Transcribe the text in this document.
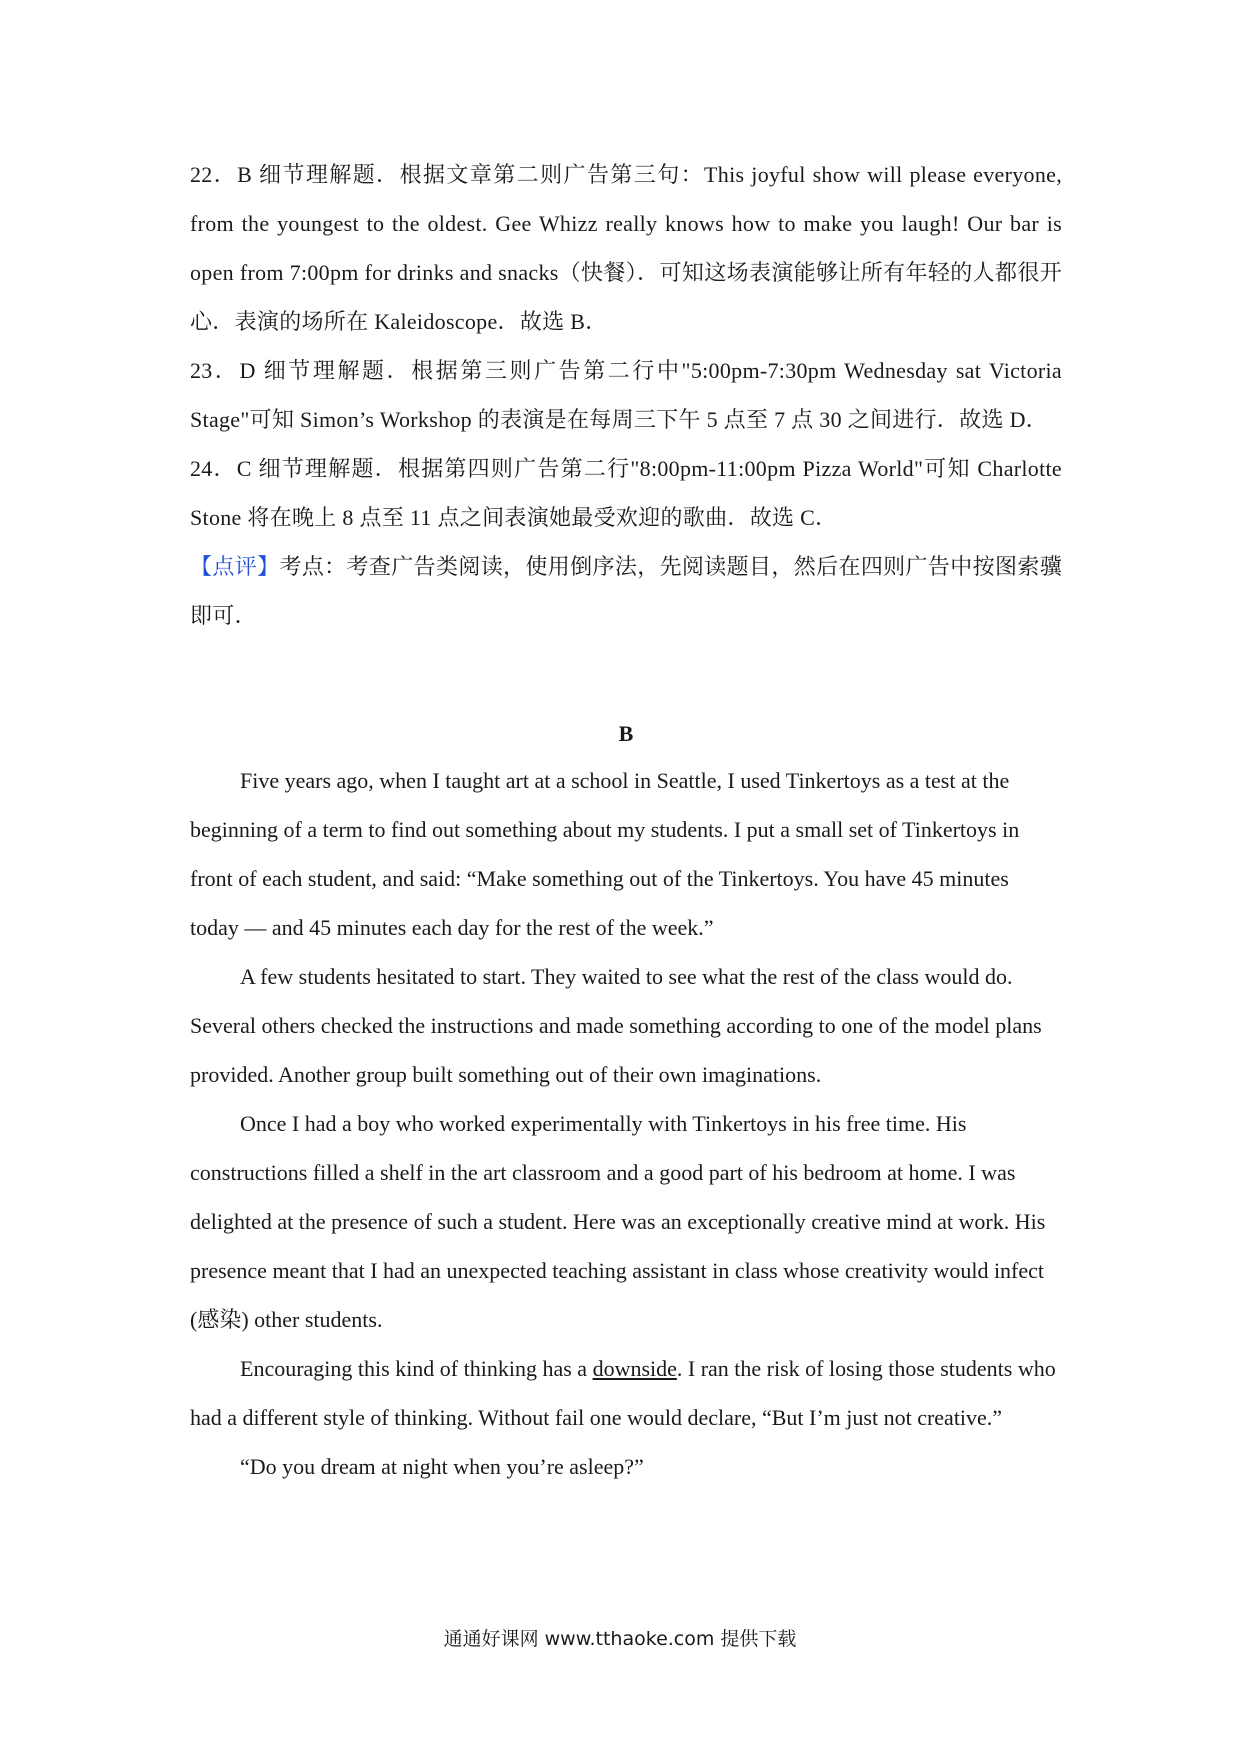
22．B 细节理解题．根据文章第二则广告第三句：This joyful show will please everyone, from the youngest to the oldest. Gee Whizz really knows how to make you laugh! Our bar is open from 7:00pm for drinks and snacks（快餐）．可知这场表演能够让所有年轻的人都很开心．表演的场所在 Kaleidoscope．故选 B．

23．D 细节理解题．根据第三则广告第二行中"5:00pm-7:30pm Wednesday sat Victoria Stage"可知 Simon’s Workshop 的表演是在每周三下午 5 点至 7 点 30 之间进行．故选 D．

24．C 细节理解题．根据第四则广告第二行"8:00pm-11:00pm Pizza World"可知 Charlotte Stone 将在晚上 8 点至 11 点之间表演她最受欢迎的歌曲．故选 C．

【点评】考点：考查广告类阅读，使用倒序法，先阅读题目，然后在四则广告中按图索骥即可．

B

Five years ago, when I taught art at a school in Seattle, I used Tinkertoys as a test at the beginning of a term to find out something about my students. I put a small set of Tinkertoys in front of each student, and said: “Make something out of the Tinkertoys. You have 45 minutes today — and 45 minutes each day for the rest of the week.”

A few students hesitated to start. They waited to see what the rest of the class would do. Several others checked the instructions and made something according to one of the model plans provided. Another group built something out of their own imaginations.

Once I had a boy who worked experimentally with Tinkertoys in his free time. His constructions filled a shelf in the art classroom and a good part of his bedroom at home. I was delighted at the presence of such a student. Here was an exceptionally creative mind at work. His presence meant that I had an unexpected teaching assistant in class whose creativity would infect (感染) other students.

Encouraging this kind of thinking has a downside. I ran the risk of losing those students who had a different style of thinking. Without fail one would declare, “But I’m just not creative.”

“Do you dream at night when you’re asleep?”

通通好课网 www.tthaoke.com 提供下载
